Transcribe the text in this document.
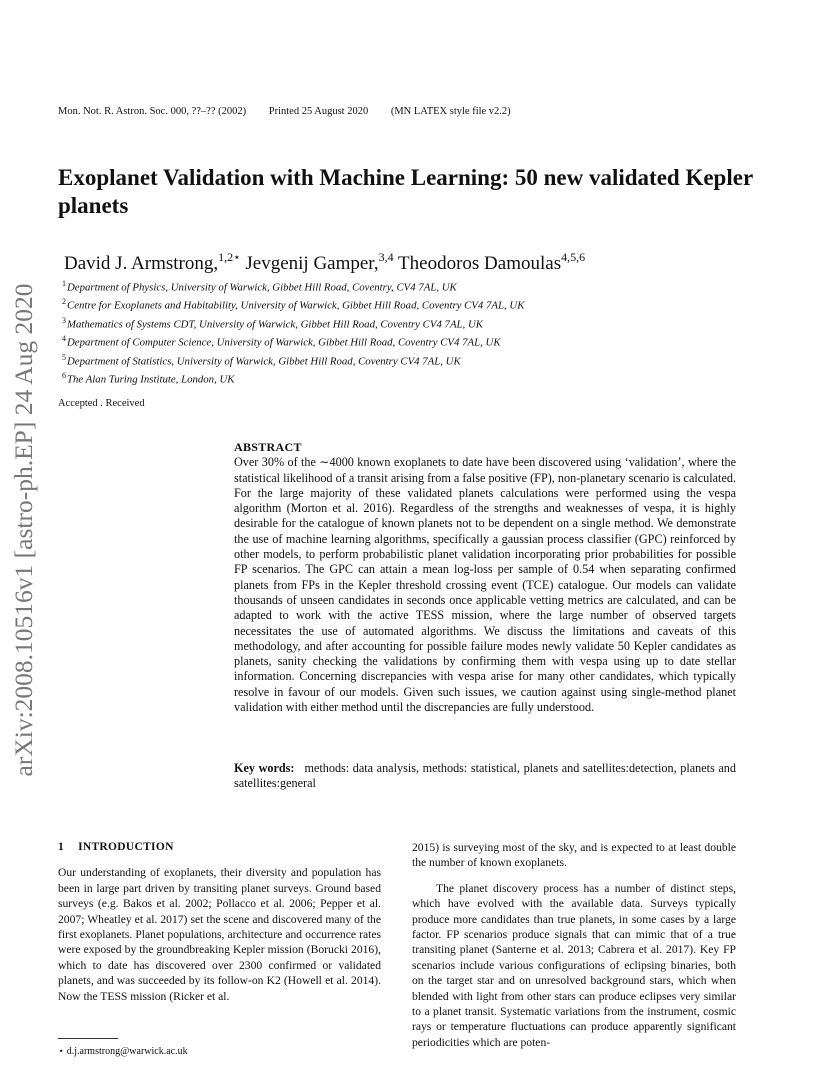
arXiv:2008.10516v1 [astro-ph.EP] 24 Aug 2020
Mon. Not. R. Astron. Soc. 000, ??–?? (2002) Printed 25 August 2020 (MN LATEX style file v2.2)
Exoplanet Validation with Machine Learning: 50 new validated Kepler planets
David J. Armstrong,$^{1,2⋆}$ Jevgenij Gamper,$^{3,4}$ Theodoros Damoulas$^{4,5,6}$
$^1$Department of Physics, University of Warwick, Gibbet Hill Road, Coventry, CV4 7AL, UK
$^2$Centre for Exoplanets and Habitability, University of Warwick, Gibbet Hill Road, Coventry CV4 7AL, UK
$^3$Mathematics of Systems CDT, University of Warwick, Gibbet Hill Road, Coventry CV4 7AL, UK
$^4$Department of Computer Science, University of Warwick, Gibbet Hill Road, Coventry CV4 7AL, UK
$^5$Department of Statistics, University of Warwick, Gibbet Hill Road, Coventry CV4 7AL, UK
$^6$The Alan Turing Institute, London, UK
Accepted . Received
ABSTRACT

Over 30% of the ∼4000 known exoplanets to date have been discovered using ‘validation’, where the statistical likelihood of a transit arising from a false positive (FP), non-planetary scenario is calculated. For the large majority of these validated planets calculations were performed using the vespa algorithm (Morton et al. 2016). Regardless of the strengths and weaknesses of vespa, it is highly desirable for the catalogue of known planets not to be dependent on a single method. We demonstrate the use of machine learning algorithms, specifically a gaussian process classifier (GPC) reinforced by other models, to perform probabilistic planet validation incorporating prior probabilities for possible FP scenarios. The GPC can attain a mean log-loss per sample of 0.54 when separating confirmed planets from FPs in the Kepler threshold crossing event (TCE) catalogue. Our models can validate thousands of unseen candidates in seconds once applicable vetting metrics are calculated, and can be adapted to work with the active TESS mission, where the large number of observed targets necessitates the use of automated algorithms. We discuss the limitations and caveats of this methodology, and after accounting for possible failure modes newly validate 50 Kepler candidates as planets, sanity checking the validations by confirming them with vespa using up to date stellar information. Concerning discrepancies with vespa arise for many other candidates, which typically resolve in favour of our models. Given such issues, we caution against using single-method planet validation with either method until the discrepancies are fully understood.

Key words: methods: data analysis, methods: statistical, planets and satellites:detection, planets and satellites:general
1 INTRODUCTION

Our understanding of exoplanets, their diversity and population has been in large part driven by transiting planet surveys. Ground based surveys (e.g. Bakos et al. 2002; Pollacco et al. 2006; Pepper et al. 2007; Wheatley et al. 2017) set the scene and discovered many of the first exoplanets. Planet populations, architecture and occurrence rates were exposed by the groundbreaking Kepler mission (Borucki 2016), which to date has discovered over 2300 confirmed or validated planets, and was succeeded by its follow-on K2 (Howell et al. 2014). Now the TESS mission (Ricker et al.

2015) is surveying most of the sky, and is expected to at least double the number of known exoplanets.

The planet discovery process has a number of distinct steps, which have evolved with the available data. Surveys typically produce more candidates than true planets, in some cases by a large factor. FP scenarios produce signals that can mimic that of a true transiting planet (Santerne et al. 2013; Cabrera et al. 2017). Key FP scenarios include various configurations of eclipsing binaries, both on the target star and on unresolved background stars, which when blended with light from other stars can produce eclipses very similar to a planet transit. Systematic variations from the instrument, cosmic rays or temperature fluctuations can produce apparently significant periodicities which are poten-

⋆ d.j.armstrong@warwick.ac.uk
